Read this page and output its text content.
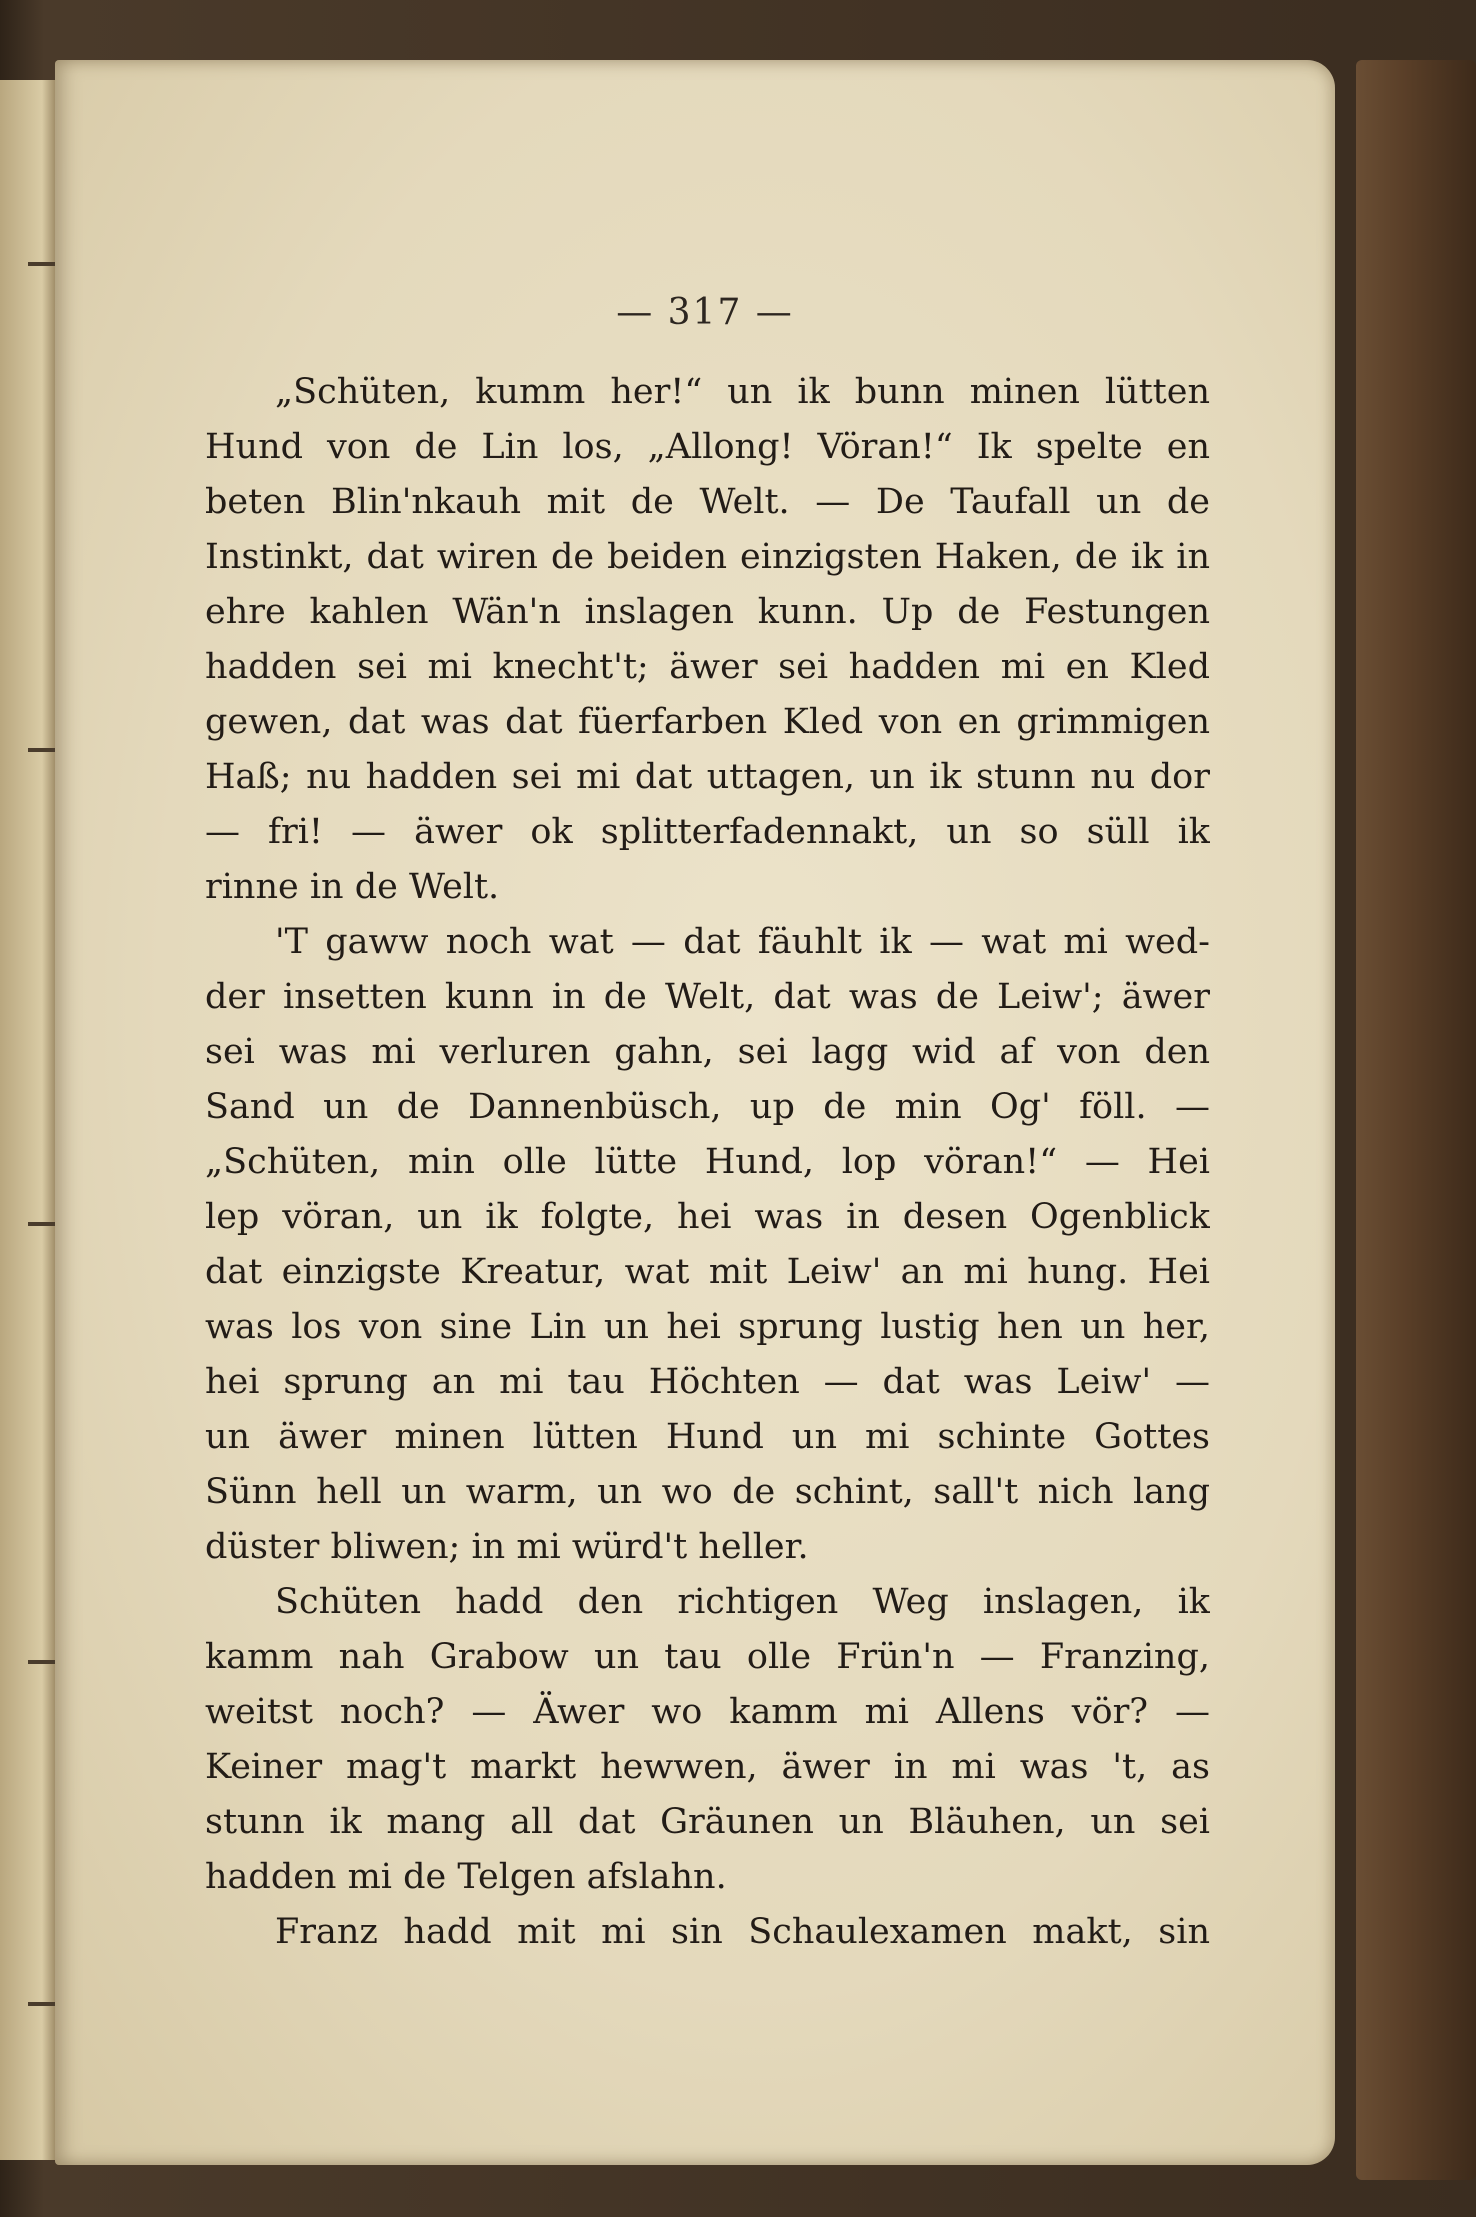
— 317 —
„Schüten, kumm her!“ un ik bunn minen lütten
Hund von de Lin los, „Allong! Vöran!“ Ik spelte en
beten Blin'nkauh mit de Welt. — De Taufall un de
Instinkt, dat wiren de beiden einzigsten Haken, de ik in
ehre kahlen Wän'n inslagen kunn. Up de Festungen
hadden sei mi knecht't; äwer sei hadden mi en Kled
gewen, dat was dat füerfarben Kled von en grimmigen
Haß; nu hadden sei mi dat uttagen, un ik stunn nu dor
— fri! — äwer ok splitterfadennakt, un so süll ik
rinne in de Welt.
'T gaww noch wat — dat fäuhlt ik — wat mi wed-
der insetten kunn in de Welt, dat was de Leiw'; äwer
sei was mi verluren gahn, sei lagg wid af von den
Sand un de Dannenbüsch, up de min Og' föll. —
„Schüten, min olle lütte Hund, lop vöran!“ — Hei
lep vöran, un ik folgte, hei was in desen Ogenblick
dat einzigste Kreatur, wat mit Leiw' an mi hung. Hei
was los von sine Lin un hei sprung lustig hen un her,
hei sprung an mi tau Höchten — dat was Leiw' —
un äwer minen lütten Hund un mi schinte Gottes
Sünn hell un warm, un wo de schint, sall't nich lang
düster bliwen; in mi würd't heller.
Schüten hadd den richtigen Weg inslagen, ik
kamm nah Grabow un tau olle Frün'n — Franzing,
weitst noch? — Äwer wo kamm mi Allens vör? —
Keiner mag't markt hewwen, äwer in mi was 't, as
stunn ik mang all dat Gräunen un Bläuhen, un sei
hadden mi de Telgen afslahn.
Franz hadd mit mi sin Schaulexamen makt, sin
